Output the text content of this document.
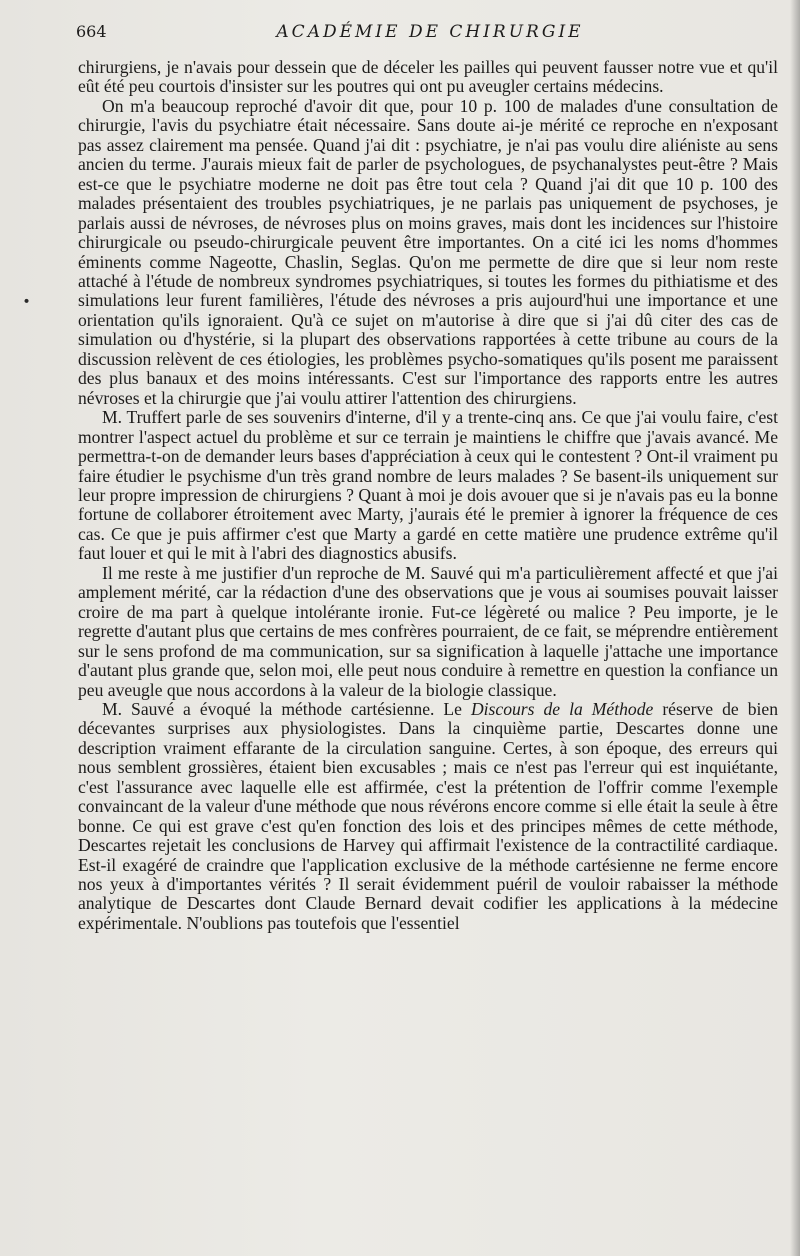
664	ACADÉMIE DE CHIRURGIE
•

chirurgiens, je n'avais pour dessein que de déceler les pailles qui peuvent fausser notre vue et qu'il eût été peu courtois d'insister sur les poutres qui ont pu aveugler certains médecins.

On m'a beaucoup reproché d'avoir dit que, pour 10 p. 100 de malades d'une consultation de chirurgie, l'avis du psychiatre était nécessaire. Sans doute ai-je mérité ce reproche en n'exposant pas assez clairement ma pensée. Quand j'ai dit : psychiatre, je n'ai pas voulu dire aliéniste au sens ancien du terme. J'aurais mieux fait de parler de psychologues, de psychanalystes peut-être ? Mais est-ce que le psychiatre moderne ne doit pas être tout cela ? Quand j'ai dit que 10 p. 100 des malades présentaient des troubles psychiatriques, je ne parlais pas uniquement de psychoses, je parlais aussi de névroses, de névroses plus on moins graves, mais dont les incidences sur l'histoire chirurgicale ou pseudo-chirurgicale peuvent être importantes. On a cité ici les noms d'hommes éminents comme Nageotte, Chaslin, Seglas. Qu'on me permette de dire que si leur nom reste attaché à l'étude de nombreux syndromes psychiatriques, si toutes les formes du pithiatisme et des simulations leur furent familières, l'étude des névroses a pris aujourd'hui une importance et une orientation qu'ils ignoraient. Qu'à ce sujet on m'autorise à dire que si j'ai dû citer des cas de simulation ou d'hystérie, si la plupart des observations rapportées à cette tribune au cours de la discussion relèvent de ces étiologies, les problèmes psycho-somatiques qu'ils posent me paraissent des plus banaux et des moins intéressants. C'est sur l'importance des rapports entre les autres névroses et la chirurgie que j'ai voulu attirer l'attention des chirurgiens.

M. Truffert parle de ses souvenirs d'interne, d'il y a trente-cinq ans. Ce que j'ai voulu faire, c'est montrer l'aspect actuel du problème et sur ce terrain je maintiens le chiffre que j'avais avancé. Me permettra-t-on de demander leurs bases d'appréciation à ceux qui le contestent ? Ont-il vraiment pu faire étudier le psychisme d'un très grand nombre de leurs malades ? Se basent-ils uniquement sur leur propre impression de chirurgiens ? Quant à moi je dois avouer que si je n'avais pas eu la bonne fortune de collaborer étroitement avec Marty, j'aurais été le premier à ignorer la fréquence de ces cas. Ce que je puis affirmer c'est que Marty a gardé en cette matière une prudence extrême qu'il faut louer et qui le mit à l'abri des diagnostics abusifs.

Il me reste à me justifier d'un reproche de M. Sauvé qui m'a particulièrement affecté et que j'ai amplement mérité, car la rédaction d'une des observations que je vous ai soumises pouvait laisser croire de ma part à quelque intolérante ironie. Fut-ce légèreté ou malice ? Peu importe, je le regrette d'autant plus que certains de mes confrères pourraient, de ce fait, se méprendre entièrement sur le sens profond de ma communication, sur sa signification à laquelle j'attache une importance d'autant plus grande que, selon moi, elle peut nous conduire à remettre en question la confiance un peu aveugle que nous accordons à la valeur de la biologie classique.

M. Sauvé a évoqué la méthode cartésienne. Le Discours de la Méthode réserve de bien décevantes surprises aux physiologistes. Dans la cinquième partie, Descartes donne une description vraiment effarante de la circulation sanguine. Certes, à son époque, des erreurs qui nous semblent grossières, étaient bien excusables ; mais ce n'est pas l'erreur qui est inquiétante, c'est l'assurance avec laquelle elle est affirmée, c'est la prétention de l'offrir comme l'exemple convaincant de la valeur d'une méthode que nous révérons encore comme si elle était la seule à être bonne. Ce qui est grave c'est qu'en fonction des lois et des principes mêmes de cette méthode, Descartes rejetait les conclusions de Harvey qui affirmait l'existence de la contractilité cardiaque. Est-il exagéré de craindre que l'application exclusive de la méthode cartésienne ne ferme encore nos yeux à d'importantes vérités ? Il serait évidemment puéril de vouloir rabaisser la méthode analytique de Descartes dont Claude Bernard devait codifier les applications à la médecine expérimentale. N'oublions pas toutefois que l'essentiel
